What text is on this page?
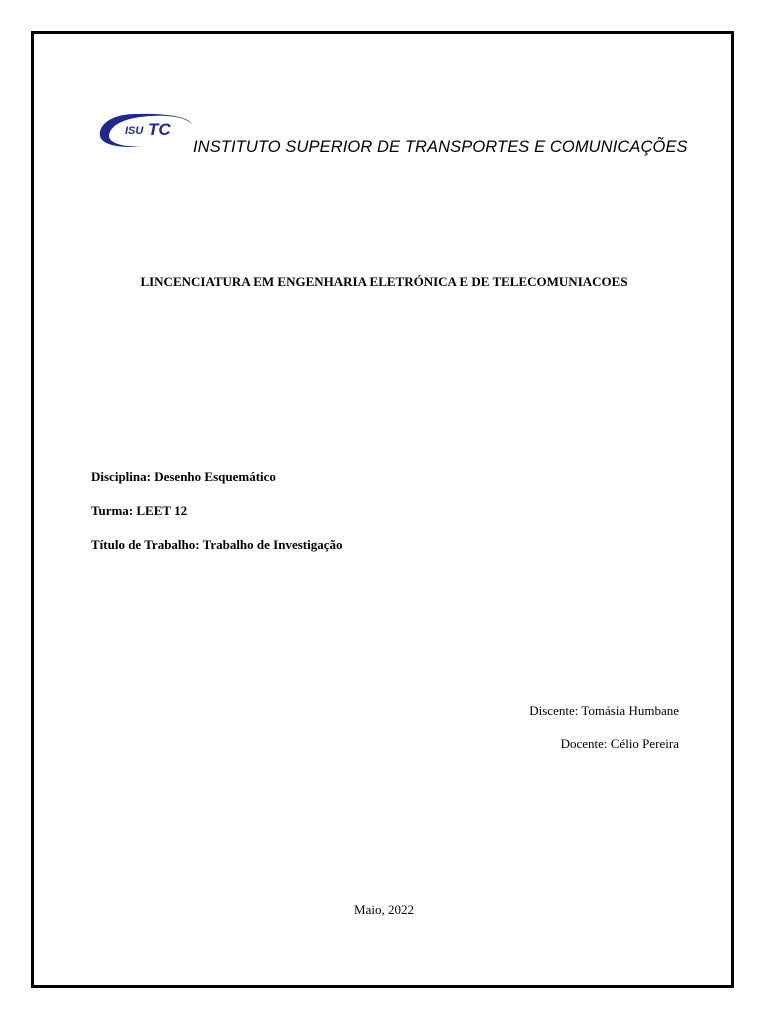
ISU TC
INSTITUTO SUPERIOR DE TRANSPORTES E COMUNICAÇÕES
LINCENCIATURA EM ENGENHARIA ELETRÓNICA E DE TELECOMUNIACOES
Disciplina: Desenho Esquemático
Turma: LEET 12
Título de Trabalho: Trabalho de Investigação
Discente: Tomásia Humbane
Docente: Célio Pereira
Maio, 2022
